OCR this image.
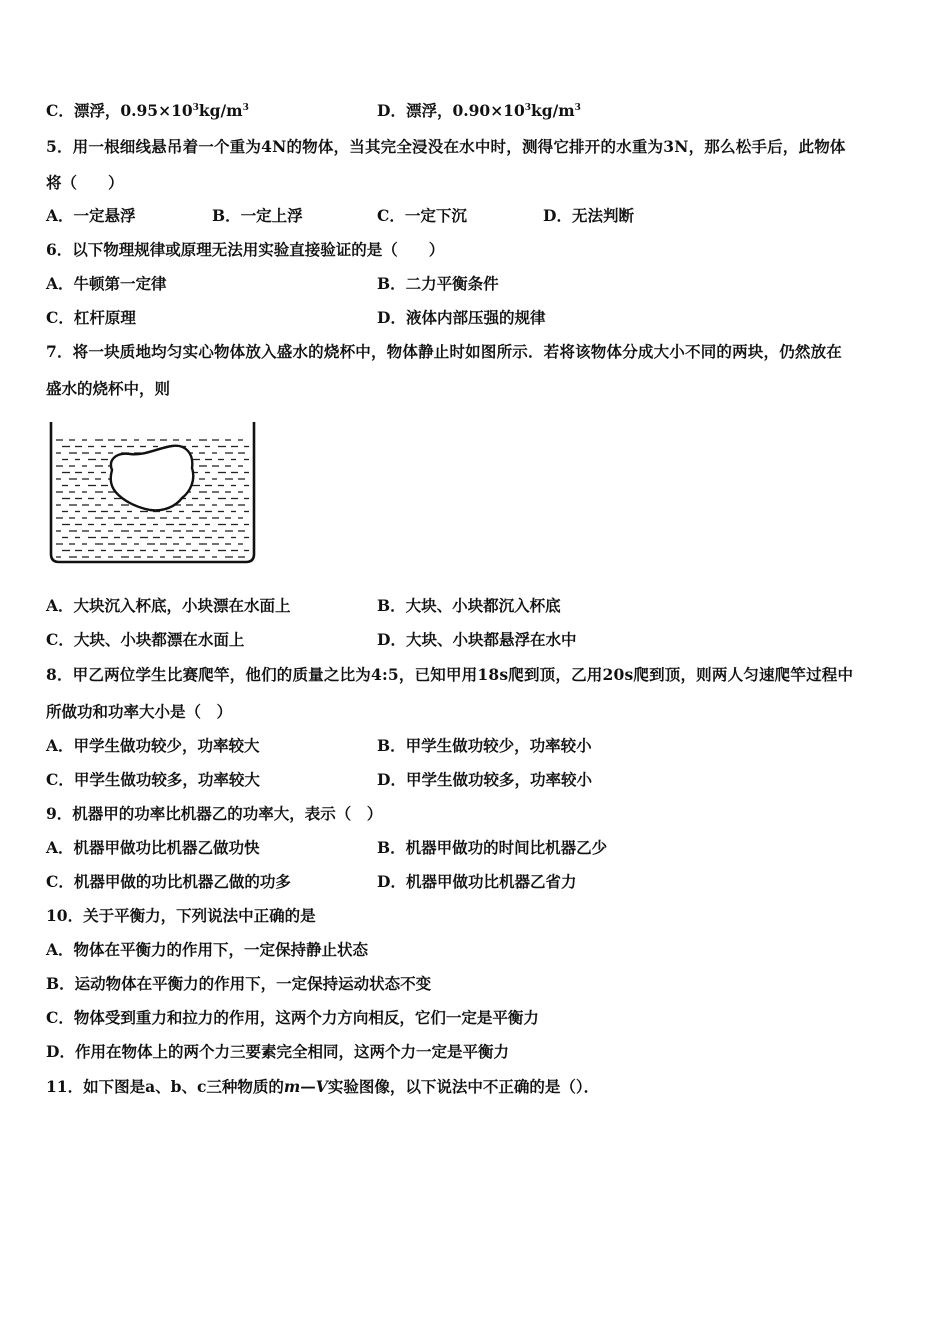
C．漂浮，$0.95\times 10^3kg/m^3$	D．漂浮，$0.90\times 10^3kg/m^3$
5．用一根细线悬吊着一个重为4N的物体，当其完全浸没在水中时，测得它排开的水重为3N，那么松手后，此物体
将（　　）
A．一定悬浮	B．一定上浮	C．一定下沉	D．无法判断
6．以下物理规律或原理无法用实验直接验证的是（　　）
A．牛顿第一定律	B．二力平衡条件
C．杠杆原理	D．液体内部压强的规律
7．将一块质地均匀实心物体放入盛水的烧杯中，物体静止时如图所示．若将该物体分成大小不同的两块，仍然放在
盛水的烧杯中，则
A．大块沉入杯底，小块漂在水面上	B．大块、小块都沉入杯底
C．大块、小块都漂在水面上	D．大块、小块都悬浮在水中
8．甲乙两位学生比赛爬竿，他们的质量之比为4:5，已知甲用18s爬到顶，乙用20s爬到顶，则两人匀速爬竿过程中
所做功和功率大小是（　）
A．甲学生做功较少，功率较大	B．甲学生做功较少，功率较小
C．甲学生做功较多，功率较大	D．甲学生做功较多，功率较小
9．机器甲的功率比机器乙的功率大，表示（　）
A．机器甲做功比机器乙做功快	B．机器甲做功的时间比机器乙少
C．机器甲做的功比机器乙做的功多	D．机器甲做功比机器乙省力
10．关于平衡力，下列说法中正确的是
A．物体在平衡力的作用下，一定保持静止状态
B．运动物体在平衡力的作用下，一定保持运动状态不变
C．物体受到重力和拉力的作用，这两个力方向相反，它们一定是平衡力
D．作用在物体上的两个力三要素完全相同，这两个力一定是平衡力
11．如下图是a、b、c三种物质的m—V实验图像，以下说法中不正确的是（）．
